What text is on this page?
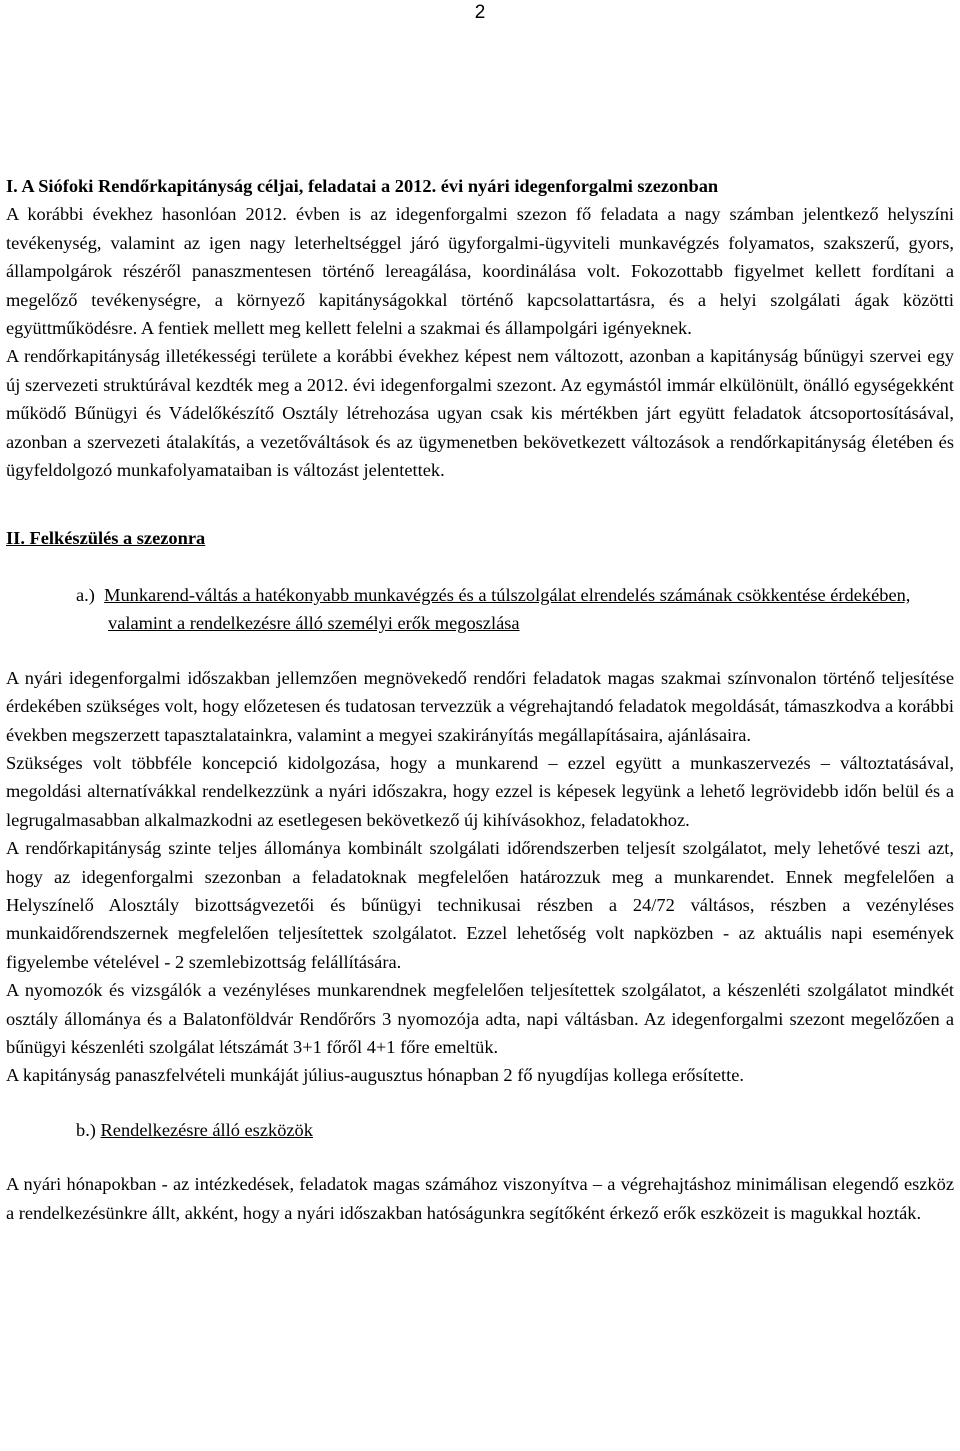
2
I. A Siófoki Rendőrkapitányság céljai, feladatai a 2012. évi nyári idegenforgalmi szezonban

A korábbi évekhez hasonlóan 2012. évben is az idegenforgalmi szezon fő feladata a nagy számban jelentkező helyszíni tevékenység, valamint az igen nagy leterheltséggel járó ügyforgalmi-ügyviteli munkavégzés folyamatos, szakszerű, gyors, állampolgárok részéről panaszmentesen történő lereagálása, koordinálása volt. Fokozottabb figyelmet kellett fordítani a megelőző tevékenységre, a környező kapitányságokkal történő kapcsolattartásra, és a helyi szolgálati ágak közötti együttműködésre. A fentiek mellett meg kellett felelni a szakmai és állampolgári igényeknek.

A rendőrkapitányság illetékességi területe a korábbi évekhez képest nem változott, azonban a kapitányság bűnügyi szervei egy új szervezeti struktúrával kezdték meg a 2012. évi idegenforgalmi szezont. Az egymástól immár elkülönült, önálló egységekként működő Bűnügyi és Vádelőkészítő Osztály létrehozása ugyan csak kis mértékben járt együtt feladatok átcsoportosításával, azonban a szervezeti átalakítás, a vezetőváltások és az ügymenetben bekövetkezett változások a rendőrkapitányság életében és ügyfeldolgozó munkafolyamataiban is változást jelentettek.

II. Felkészülés a szezonra

a.) Munkarend-váltás a hatékonyabb munkavégzés és a túlszolgálat elrendelés számának csökkentése érdekében, valamint a rendelkezésre álló személyi erők megoszlása

A nyári idegenforgalmi időszakban jellemzően megnövekedő rendőri feladatok magas szakmai színvonalon történő teljesítése érdekében szükséges volt, hogy előzetesen és tudatosan tervezzük a végrehajtandó feladatok megoldását, támaszkodva a korábbi években megszerzett tapasztalatainkra, valamint a megyei szakirányítás megállapításaira, ajánlásaira.

Szükséges volt többféle koncepció kidolgozása, hogy a munkarend – ezzel együtt a munkaszervezés – változtatásával, megoldási alternatívákkal rendelkezzünk a nyári időszakra, hogy ezzel is képesek legyünk a lehető legrövidebb időn belül és a legrugalmasabban alkalmazkodni az esetlegesen bekövetkező új kihívásokhoz, feladatokhoz.

A rendőrkapitányság szinte teljes állománya kombinált szolgálati időrendszerben teljesít szolgálatot, mely lehetővé teszi azt, hogy az idegenforgalmi szezonban a feladatoknak megfelelően határozzuk meg a munkarendet. Ennek megfelelően a Helyszínelő Alosztály bizottságvezetői és bűnügyi technikusai részben a 24/72 váltásos, részben a vezényléses munkaidőrendszernek megfelelően teljesítettek szolgálatot. Ezzel lehetőség volt napközben - az aktuális napi események figyelembe vételével - 2 szemlebizottság felállítására.

A nyomozók és vizsgálók a vezényléses munkarendnek megfelelően teljesítettek szolgálatot, a készenléti szolgálatot mindkét osztály állománya és a Balatonföldvár Rendőrőrs 3 nyomozója adta, napi váltásban. Az idegenforgalmi szezont megelőzően a bűnügyi készenléti szolgálat létszámát 3+1 főről 4+1 főre emeltük.

A kapitányság panaszfelvételi munkáját július-augusztus hónapban 2 fő nyugdíjas kollega erősítette.

b.) Rendelkezésre álló eszközök

A nyári hónapokban - az intézkedések, feladatok magas számához viszonyítva – a végrehajtáshoz minimálisan elegendő eszköz a rendelkezésünkre állt, akként, hogy a nyári időszakban hatóságunkra segítőként érkező erők eszközeit is magukkal hozták.
